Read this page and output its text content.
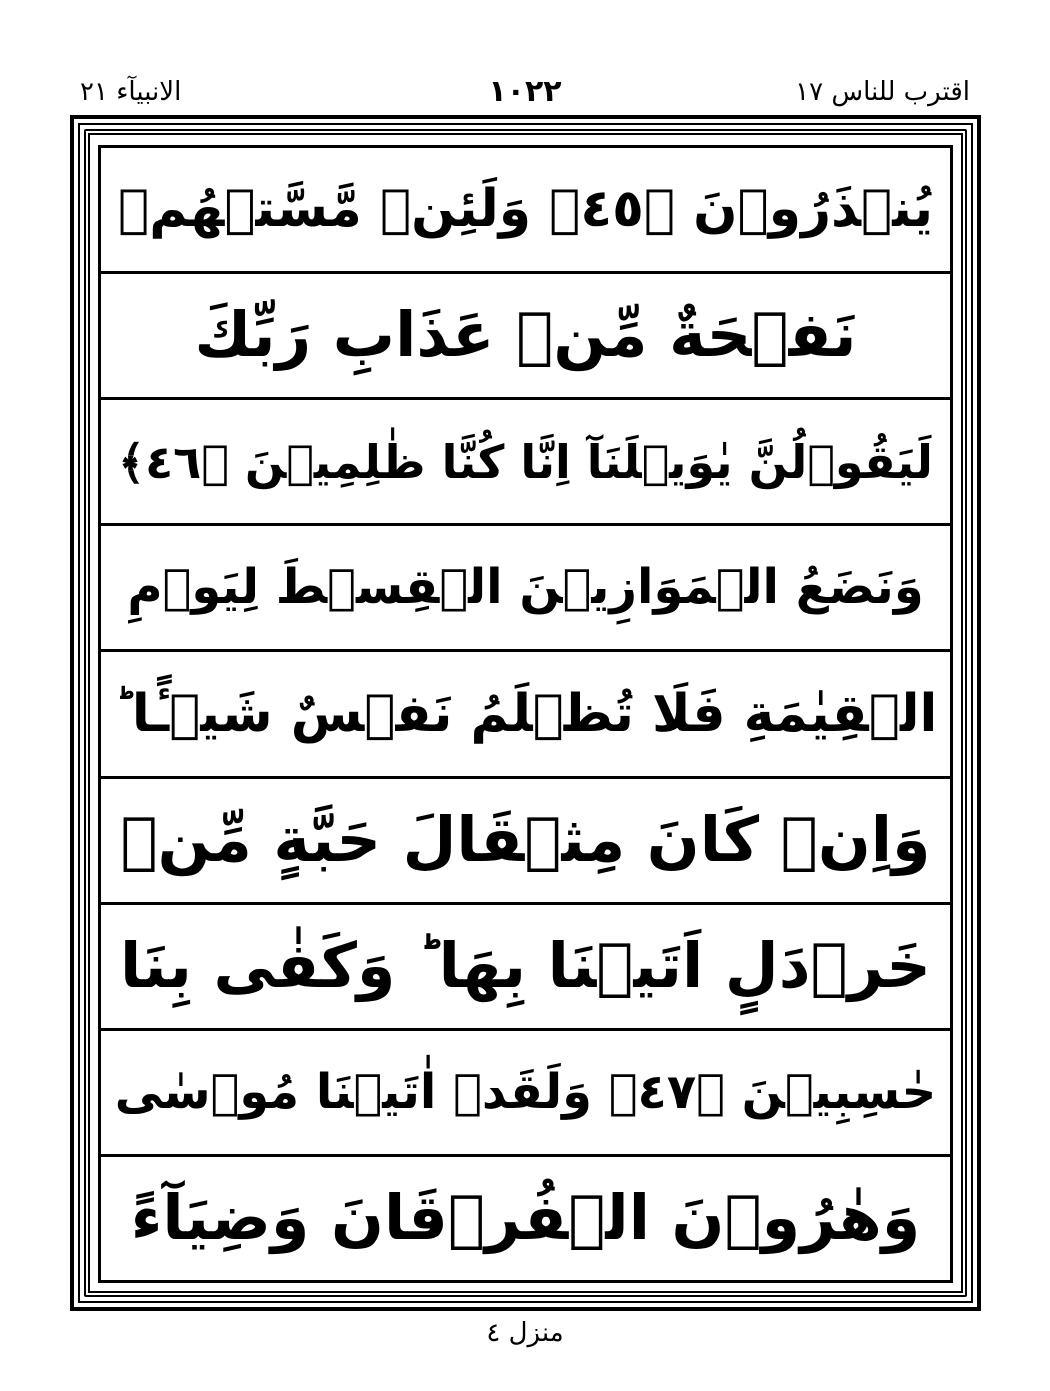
الانبیآء ٢١	١٠٢٢	اقترب للناس ١٧
يُنۡذَرُوۡنَ ﴿٤٥﴾ وَلَئِنۡ مَّسَّتۡهُمۡ
نَفۡحَةٌ مِّنۡ عَذَابِ رَبِّكَ
لَيَقُوۡلُنَّ يٰوَيۡلَنَآ اِنَّا كُنَّا ظٰلِمِيۡنَ ﴿٤٦﴾
وَنَضَعُ الۡمَوَازِيۡنَ الۡقِسۡطَ لِيَوۡمِ
الۡقِيٰمَةِ فَلَا تُظۡلَمُ نَفۡسٌ شَيۡـًٔا ؕ
وَاِنۡ كَانَ مِثۡقَالَ حَبَّةٍ مِّنۡ
خَرۡدَلٍ اَتَيۡنَا بِهَا ؕ وَكَفٰى بِنَا
حٰسِبِيۡنَ ﴿٤٧﴾ وَلَقَدۡ اٰتَيۡنَا مُوۡسٰى
وَهٰرُوۡنَ الۡفُرۡقَانَ وَضِيَآءً
منزل ٤
